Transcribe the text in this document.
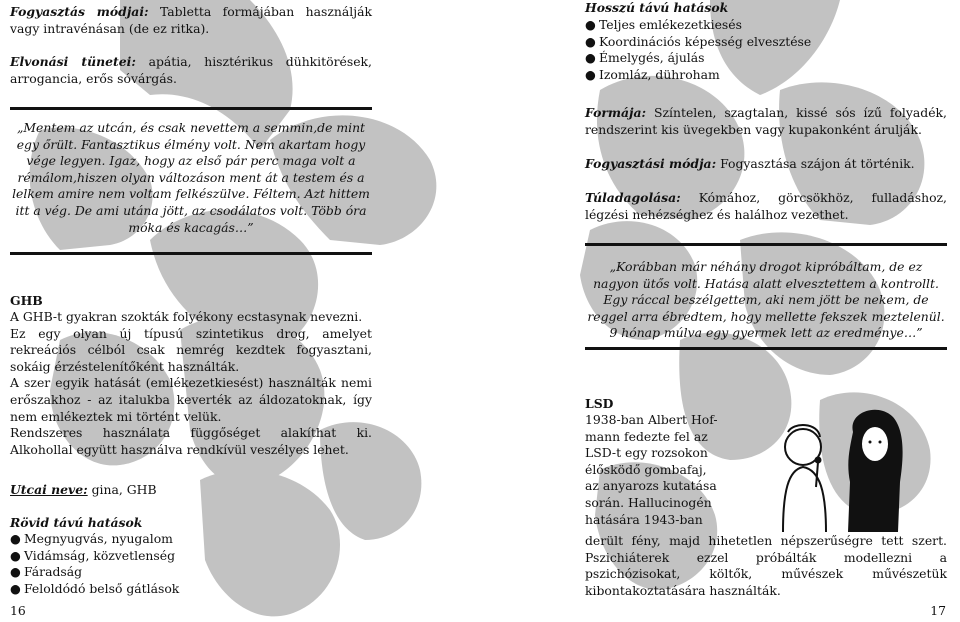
Fogyasztás módjai: Tabletta formájában használják vagy intravénásan (de ez ritka).
Elvonási tünetei: apátia, hisztérikus dühkitörések, arrogancia, erős sóvárgás.
„Mentem az utcán, és csak nevettem a semmin,de mint
egy őrült. Fantasztikus élmény volt. Nem akartam hogy
vége legyen. Igaz, hogy az első pár perc maga volt a
rémálom,hiszen olyan változáson ment át a testem és a
lelkem amire nem voltam felkészülve. Féltem. Azt hittem
itt a vég. De ami utána jött, az csodálatos volt. Több óra
móka és kacagás…”
GHB
A GHB-t gyakran szokták folyékony ecstasynak nevezni.
Ez egy olyan új típusú szintetikus drog, amelyet rekreációs célból csak nemrég kezdtek fogyasztani, sokáig érzéstelenítőként használták.
A szer egyik hatását (emlékezetkiesést) használták nemi erőszakhoz - az italukba keverték az áldozatoknak, így nem emlékeztek mi történt velük.
Rendszeres használata függőséget alakíthat ki. Alkohollal együtt használva rendkívül veszélyes lehet.
Utcai neve: gina, GHB
Rövid távú hatások
● Megnyugvás, nyugalom
● Vidámság, közvetlenség
● Fáradság
● Feloldódó belső gátlások
16
Hosszú távú hatások
● Teljes emlékezetkiesés
● Koordinációs képesség elvesztése
● Émelygés, ájulás
● Izomláz, dühroham
Formája: Színtelen, szagtalan, kissé sós ízű folyadék, rendszerint kis üvegekben vagy kupakonként árulják.
Fogyasztási módja: Fogyasztása szájon át történik.
Túladagolása: Kómához, görcsökhöz, fulladáshoz, légzési nehézséghez és halálhoz vezethet.
„Korábban már néhány drogot kipróbáltam, de ez
nagyon ütős volt. Hatása alatt elvesztettem a kontrollt.
Egy ráccal beszélgettem, aki nem jött be nekem, de
reggel arra ébredtem, hogy mellette fekszek meztelenül.
9 hónap múlva egy gyermek lett az eredménye…”
LSD
1938-ban Albert Hof-
mann fedezte fel az
LSD-t egy rozsokon
élősködő gombafaj,
az anyarozs kutatása
során. Hallucinogén
hatására 1943-ban
derült fény, majd hihetetlen népszerűségre tett szert. Pszichiáterek ezzel próbálták modellezni a pszichózisokat, költők, művészek művészetük kibontakoztatására használták.
17
